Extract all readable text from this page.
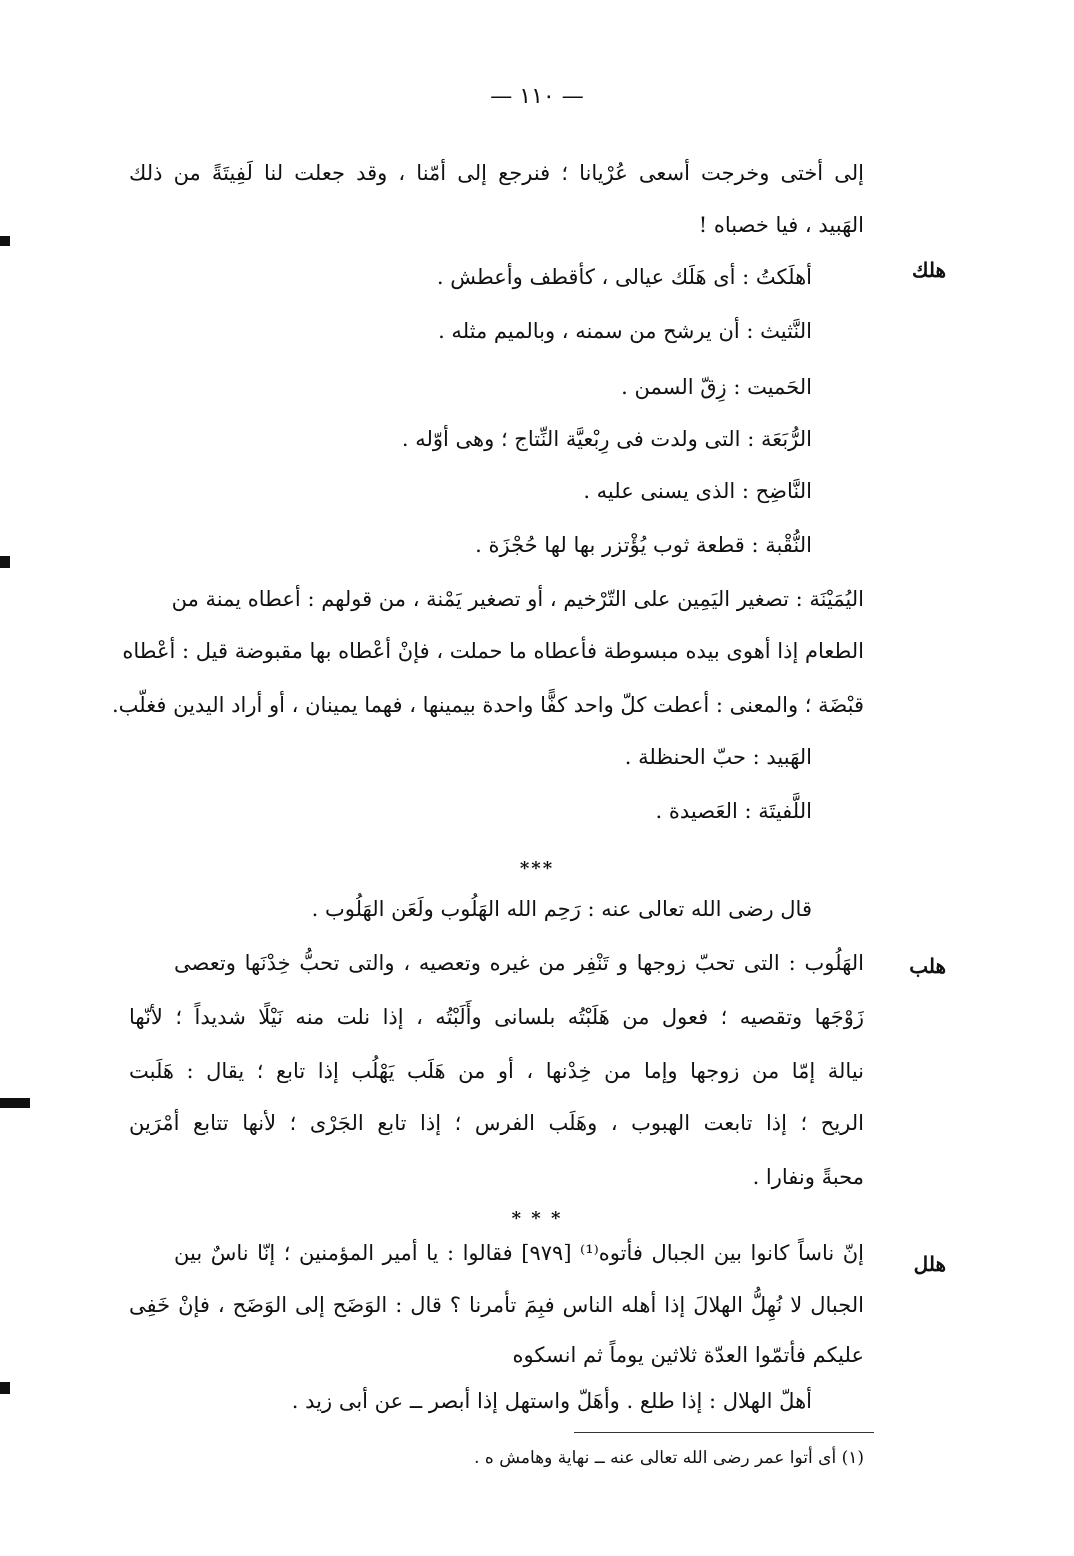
— ١١٠ —
إلى أختى وخرجت أسعى عُرْيانا ؛ فنرجع إلى أمّنا ، وقد جعلت لنا لَفِيتَةً من ذلك
الهَبيد ، فيا خصباه !
هلك
أهلَكتُ : أى هَلَك عيالى ، كأقطف وأعطش .
النَّثيث : أن يرشح من سمنه ، وبالميم مثله .
الحَميت : زِقّ السمن .
الرُّبَعَة : التى ولدت فى رِبْعيَّة النِّتاج ؛ وهى أوّله .
النَّاضِح : الذى يسنى عليه .
النُّقْبة : قطعة ثوب يُؤْتزر بها لها حُجْزَة .
اليُمَيْنَة : تصغير اليَمِين على التّرْخيم ، أو تصغير يَمْنة ، من قولهم : أعطاه يمنة من
الطعام إذا أهوى بيده مبسوطة فأعطاه ما حملت ، فإنْ أعْطاه بها مقبوضة قيل : أعْطاه
قبْضَة ؛ والمعنى : أعطت كلّ واحد كفًّا واحدة بيمينها ، فهما يمينان ، أو أراد اليدين فغلّب.
الهَبيد : حبّ الحنظلة .
اللَّفيتَة : العَصيدة .
***
قال رضى الله تعالى عنه : رَحِم الله الهَلُوب ولَعَن الهَلُوب .
هلب
الهَلُوب : التى تحبّ زوجها و تَنْفِر من غيره وتعصيه ، والتى تحبُّ خِدْنَها وتعصى
زَوْجَها وتقصيه ؛ فعول من هَلَبْتُه بلسانى وأَلَبْتُه ، إذا نلت منه نَيْلًا شديداً ؛ لأنّها
نيالة إمّا من زوجها وإما من خِدْنها ، أو من هَلَب يَهْلُب إذا تابع ؛ يقال : هَلَبت
الريح ؛ إذا تابعت الهبوب ، وهَلَب الفرس ؛ إذا تابع الجَرْى ؛ لأنها تتابع أمْرَين
محبةً ونفارا .
* * *
هلل
إنّ ناساً كانوا بين الجبال فأتوه⁽¹⁾ [٩٧٩] فقالوا : يا أمير المؤمنين ؛ إنّا ناسٌ بين
الجبال لا نُهِلُّ الهلالَ إذا أهله الناس فبِمَ تأمرنا ؟ قال : الوَضَح إلى الوَضَح ، فإنْ خَفِى
عليكم فأتمّوا العدّة ثلاثين يوماً ثم انسكوه
أهلّ الهلال : إذا طلع . وأهَلّ واستهل إذا أبصر ــ عن أبى زيد .
(١) أى أتوا عمر رضى الله تعالى عنه ــ نهاية وهامش ه .
